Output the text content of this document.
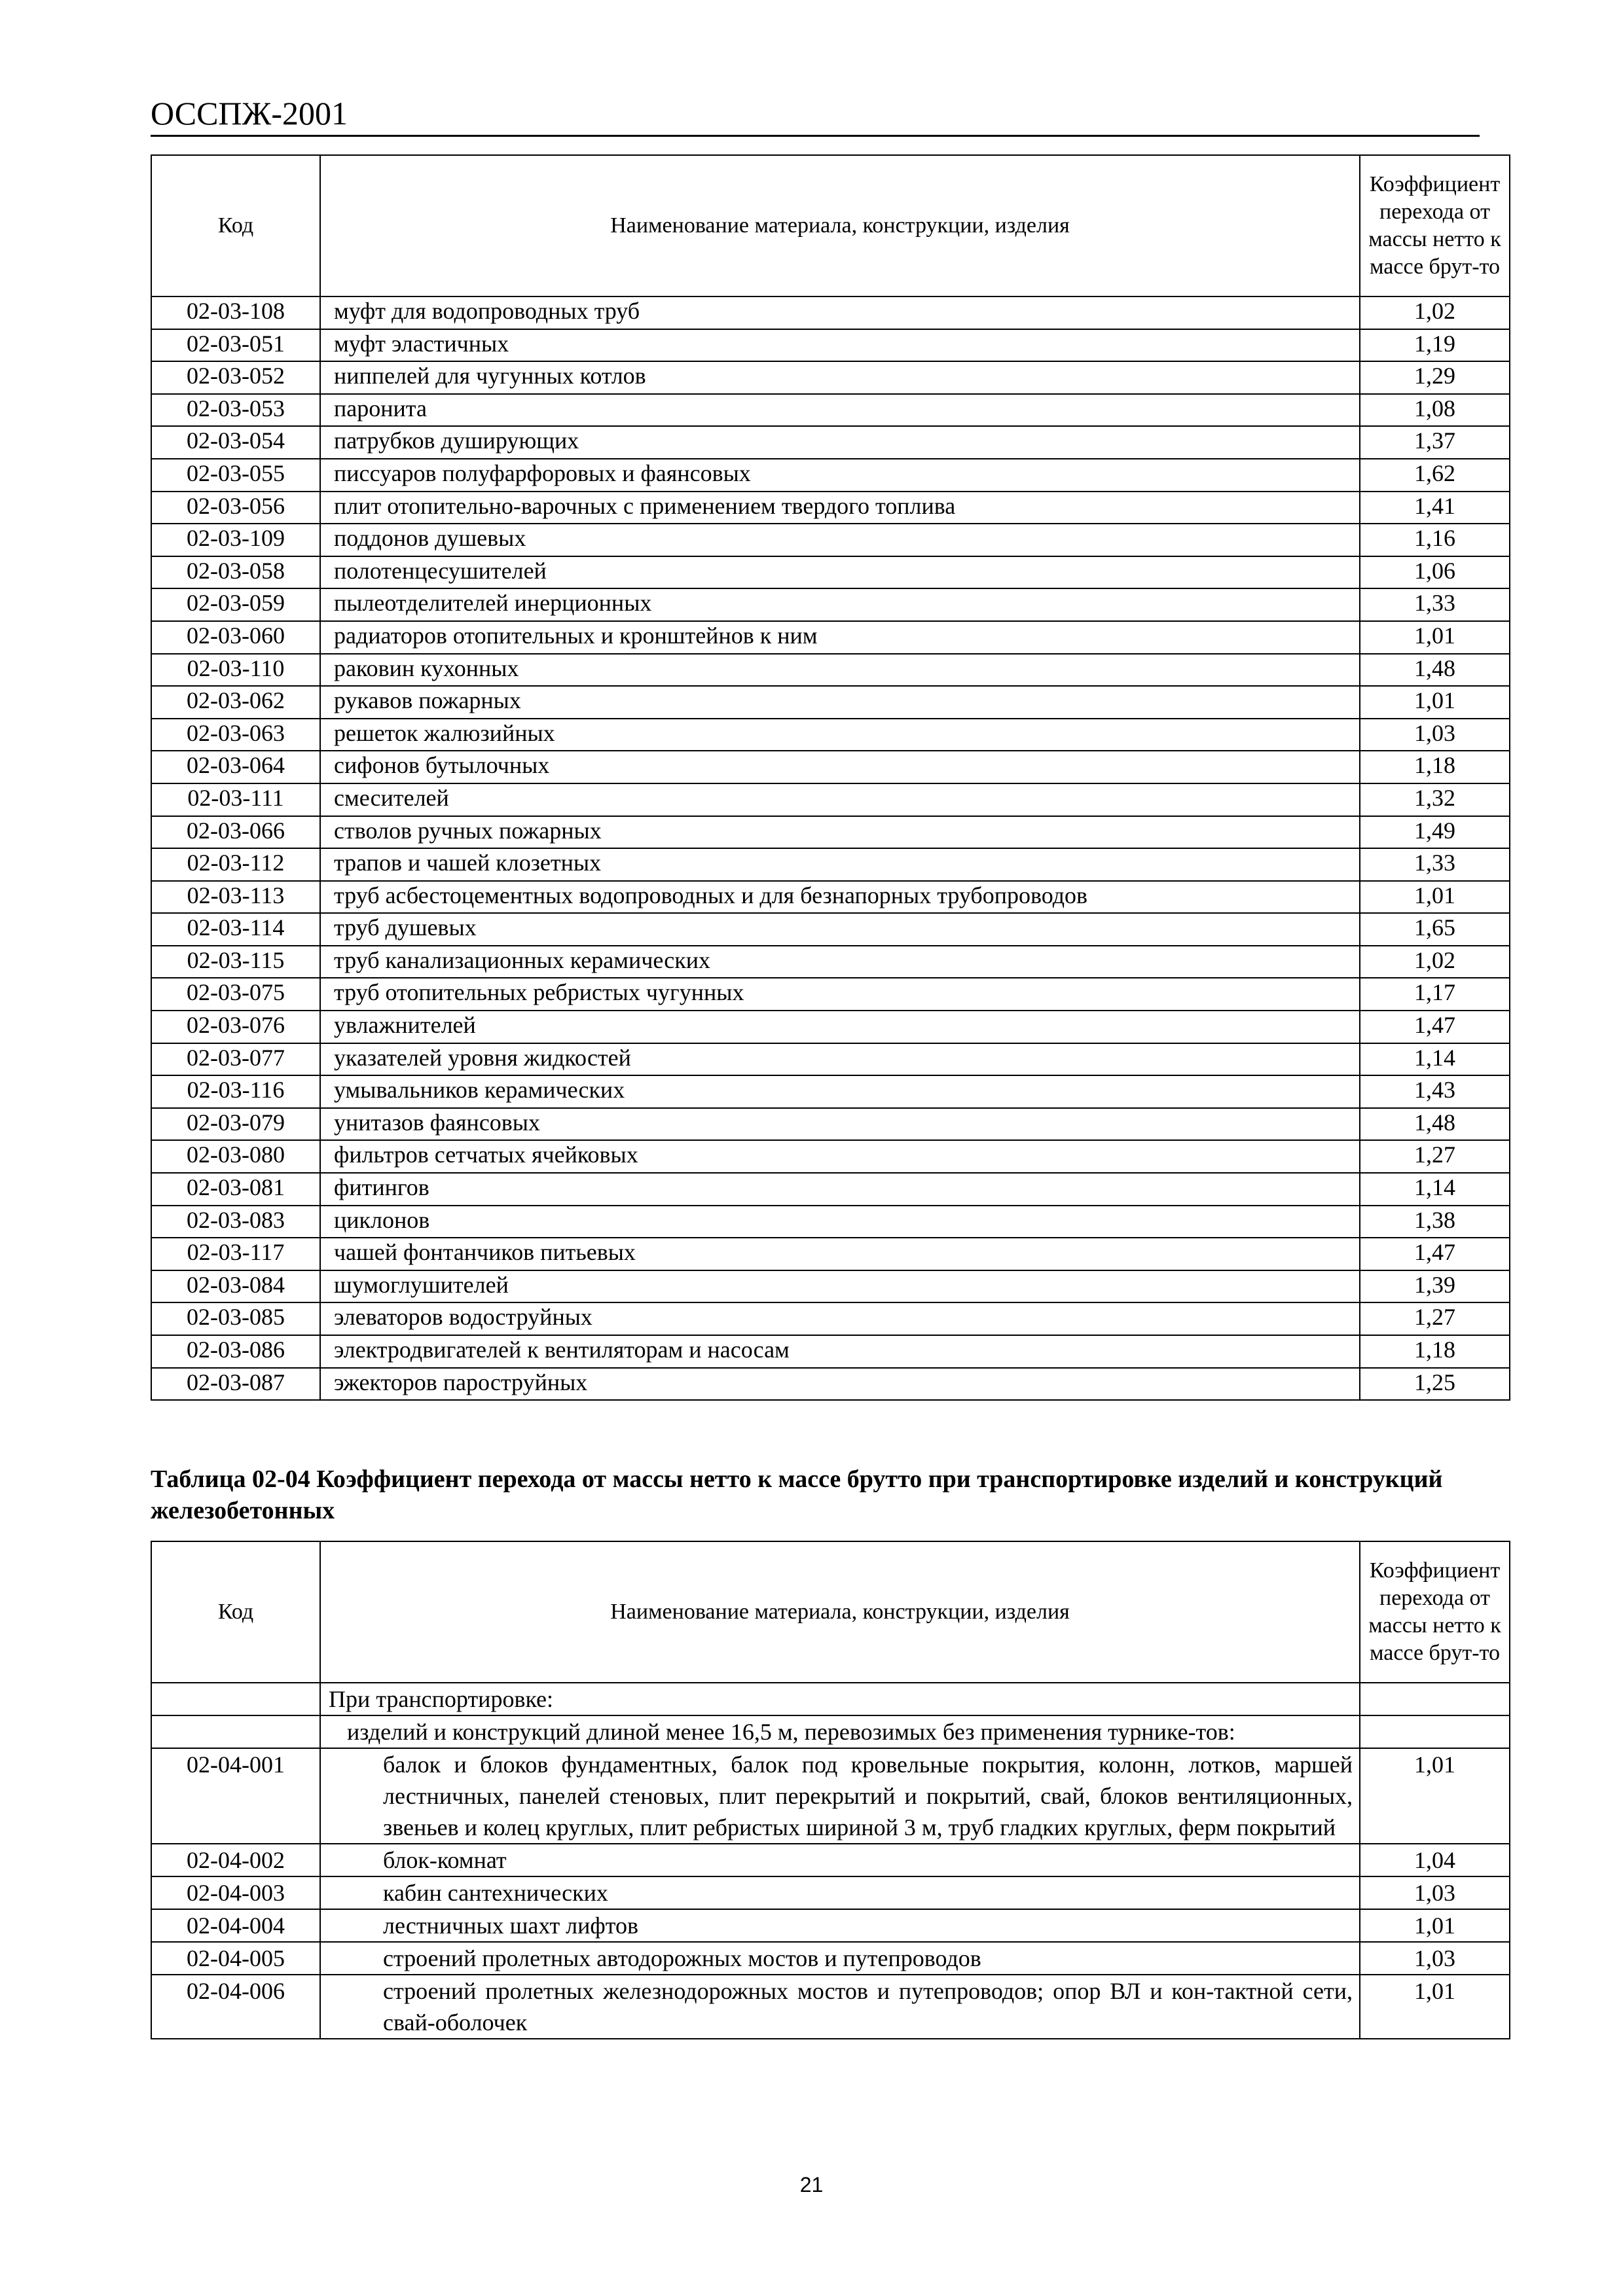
ОССПЖ-2001
Код	Наименование материала, конструкции, изделия	Коэффициент перехода от массы нетто к массе брут-то
02-03-108	муфт для водопроводных труб	1,02
02-03-051	муфт эластичных	1,19
02-03-052	ниппелей для чугунных котлов	1,29
02-03-053	паронита	1,08
02-03-054	патрубков душирующих	1,37
02-03-055	писсуаров полуфарфоровых и фаянсовых	1,62
02-03-056	плит отопительно-варочных с применением твердого топлива	1,41
02-03-109	поддонов душевых	1,16
02-03-058	полотенцесушителей	1,06
02-03-059	пылеотделителей инерционных	1,33
02-03-060	радиаторов отопительных и кронштейнов к ним	1,01
02-03-110	раковин кухонных	1,48
02-03-062	рукавов пожарных	1,01
02-03-063	решеток жалюзийных	1,03
02-03-064	сифонов бутылочных	1,18
02-03-111	смесителей	1,32
02-03-066	стволов ручных пожарных	1,49
02-03-112	трапов и чашей клозетных	1,33
02-03-113	труб асбестоцементных водопроводных и для безнапорных трубопроводов	1,01
02-03-114	труб душевых	1,65
02-03-115	труб канализационных керамических	1,02
02-03-075	труб отопительных ребристых чугунных	1,17
02-03-076	увлажнителей	1,47
02-03-077	указателей уровня жидкостей	1,14
02-03-116	умывальников керамических	1,43
02-03-079	унитазов фаянсовых	1,48
02-03-080	фильтров сетчатых ячейковых	1,27
02-03-081	фитингов	1,14
02-03-083	циклонов	1,38
02-03-117	чашей фонтанчиков питьевых	1,47
02-03-084	шумоглушителей	1,39
02-03-085	элеваторов водоструйных	1,27
02-03-086	электродвигателей к вентиляторам и насосам	1,18
02-03-087	эжекторов пароструйных	1,25
Таблица 02-04 Коэффициент перехода от массы нетто к массе брутто при транспортировке изделий и конструкций железобетонных
Код	Наименование материала, конструкции, изделия	Коэффициент перехода от массы нетто к массе брут-то
	При транспортировке:	
	изделий и конструкций длиной менее 16,5 м, перевозимых без применения турнике-тов:	
02-04-001	балок и блоков фундаментных, балок под кровельные покрытия, колонн, лотков, маршей лестничных, панелей стеновых, плит перекрытий и покрытий, свай, блоков вентиляционных, звеньев и колец круглых, плит ребристых шириной 3 м, труб гладких круглых, ферм покрытий	1,01
02-04-002	блок-комнат	1,04
02-04-003	кабин сантехнических	1,03
02-04-004	лестничных шахт лифтов	1,01
02-04-005	строений пролетных автодорожных мостов и путепроводов	1,03
02-04-006	строений пролетных железнодорожных мостов и путепроводов; опор ВЛ и кон-тактной сети, свай-оболочек	1,01
21
